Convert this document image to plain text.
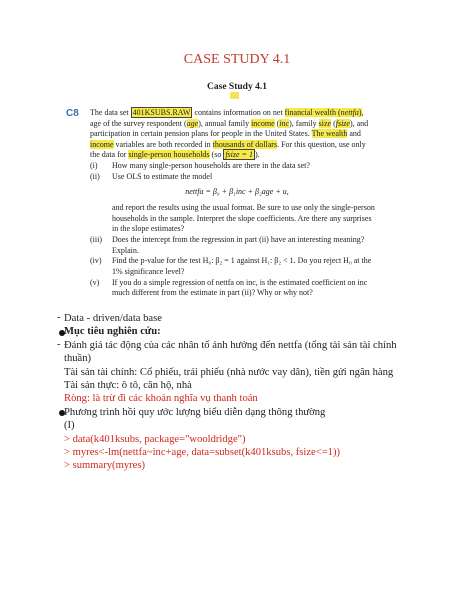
CASE STUDY 4.1
Case Study 4.1
C8 The data set 401KSUBS.RAW contains information on net financial wealth (nettfa),
age of the survey respondent (age), annual family income (inc), family size (fsize), and
participation in certain pension plans for people in the United States. The wealth and
income variables are both recorded in thousands of dollars. For this question, use only
the data for single-person households (so fsize = 1 ).
(i)	How many single-person households are there in the data set?
(ii)	Use OLS to estimate the model
nettfa = β₀ + β₁inc + β₂age + u,
and report the results using the usual format. Be sure to use only the single-person
households in the sample. Interpret the slope coefficients. Are there any surprises
in the slope estimates?
(iii)	Does the intercept from the regression in part (ii) have an interesting meaning?
Explain.
(iv)	Find the p-value for the test H₀: β₂ = 1 against H₁: β₂ < 1. Do you reject H₀ at the
1% significance level?
(v)	If you do a simple regression of nettfa on inc, is the estimated coefficient on inc
much different from the estimate in part (ii)? Why or why not?
- Data - driven/data base
Mục tiêu nghiên cứu:
- Đánh giá tác động của các nhân tố ảnh hưởng đến nettfa (tổng tài sản tài chính
thuần)
Tài sản tài chính: Cổ phiếu, trái phiếu (nhà nước vay dân), tiền gửi ngân hàng
Tài sản thực: ô tô, căn hộ, nhà
Ròng: là trừ đi các khoản nghĩa vụ thanh toán
Phương trình hồi quy ước lượng biểu diễn dạng thông thường
(I)
> data(k401ksubs, package="wooldridge")
> myres<-lm(nettfa~inc+age, data=subset(k401ksubs, fsize<=1))
> summary(myres)
